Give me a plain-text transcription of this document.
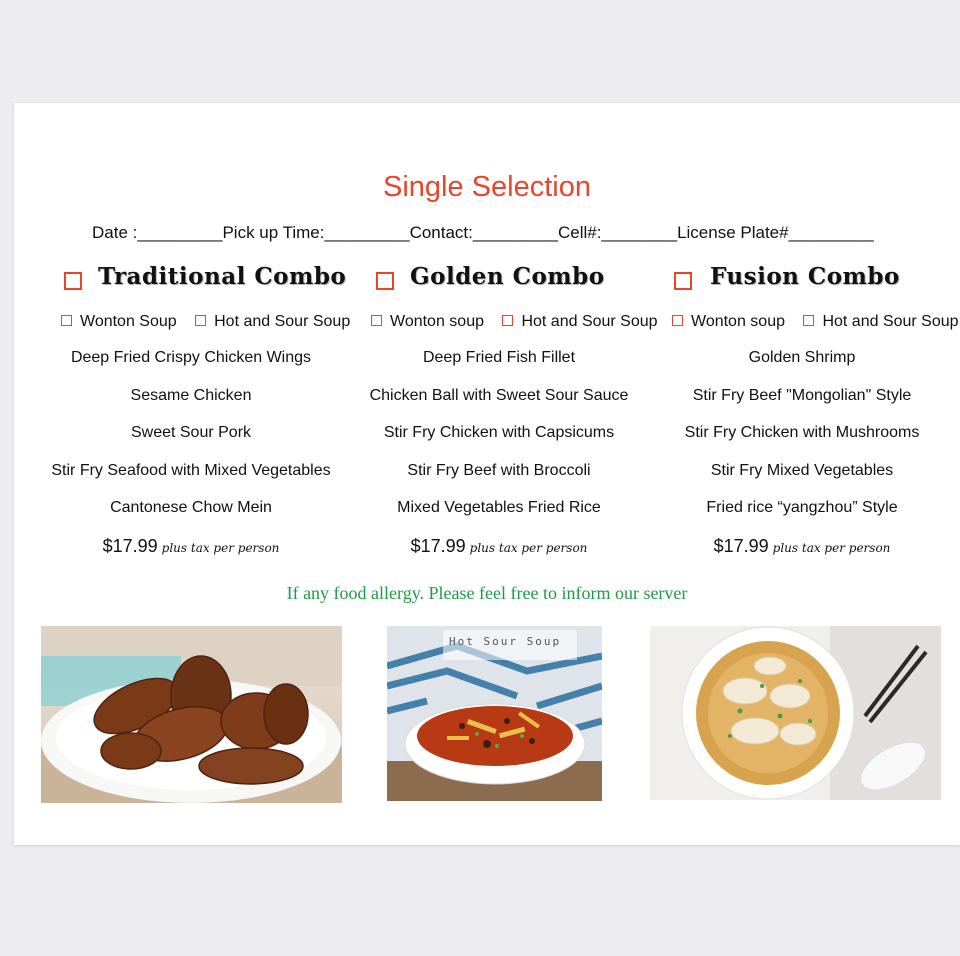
Single Selection
Date :_________Pick up Time:_________Contact:_________Cell#:________License Plate#_________
Traditional Combo
Wonton Soup Hot and Sour Soup
Deep Fried Crispy Chicken Wings
Sesame Chicken
Sweet Sour Pork
Stir Fry Seafood with Mixed Vegetables
Cantonese Chow Mein
$17.99 plus tax per person
Golden Combo
Wonton soup Hot and Sour Soup
Deep Fried Fish Fillet
Chicken Ball with Sweet Sour Sauce
Stir Fry Chicken with Capsicums
Stir Fry Beef with Broccoli
Mixed Vegetables Fried Rice
$17.99 plus tax per person
Fusion Combo
Wonton soup Hot and Sour Soup
Golden Shrimp
Stir Fry Beef "Mongolian" Style
Stir Fry Chicken with Mushrooms
Stir Fry Mixed Vegetables
Fried rice “yangzhou” Style
$17.99 plus tax per person
If any food allergy. Please feel free to inform our server
Hot Sour Soup
